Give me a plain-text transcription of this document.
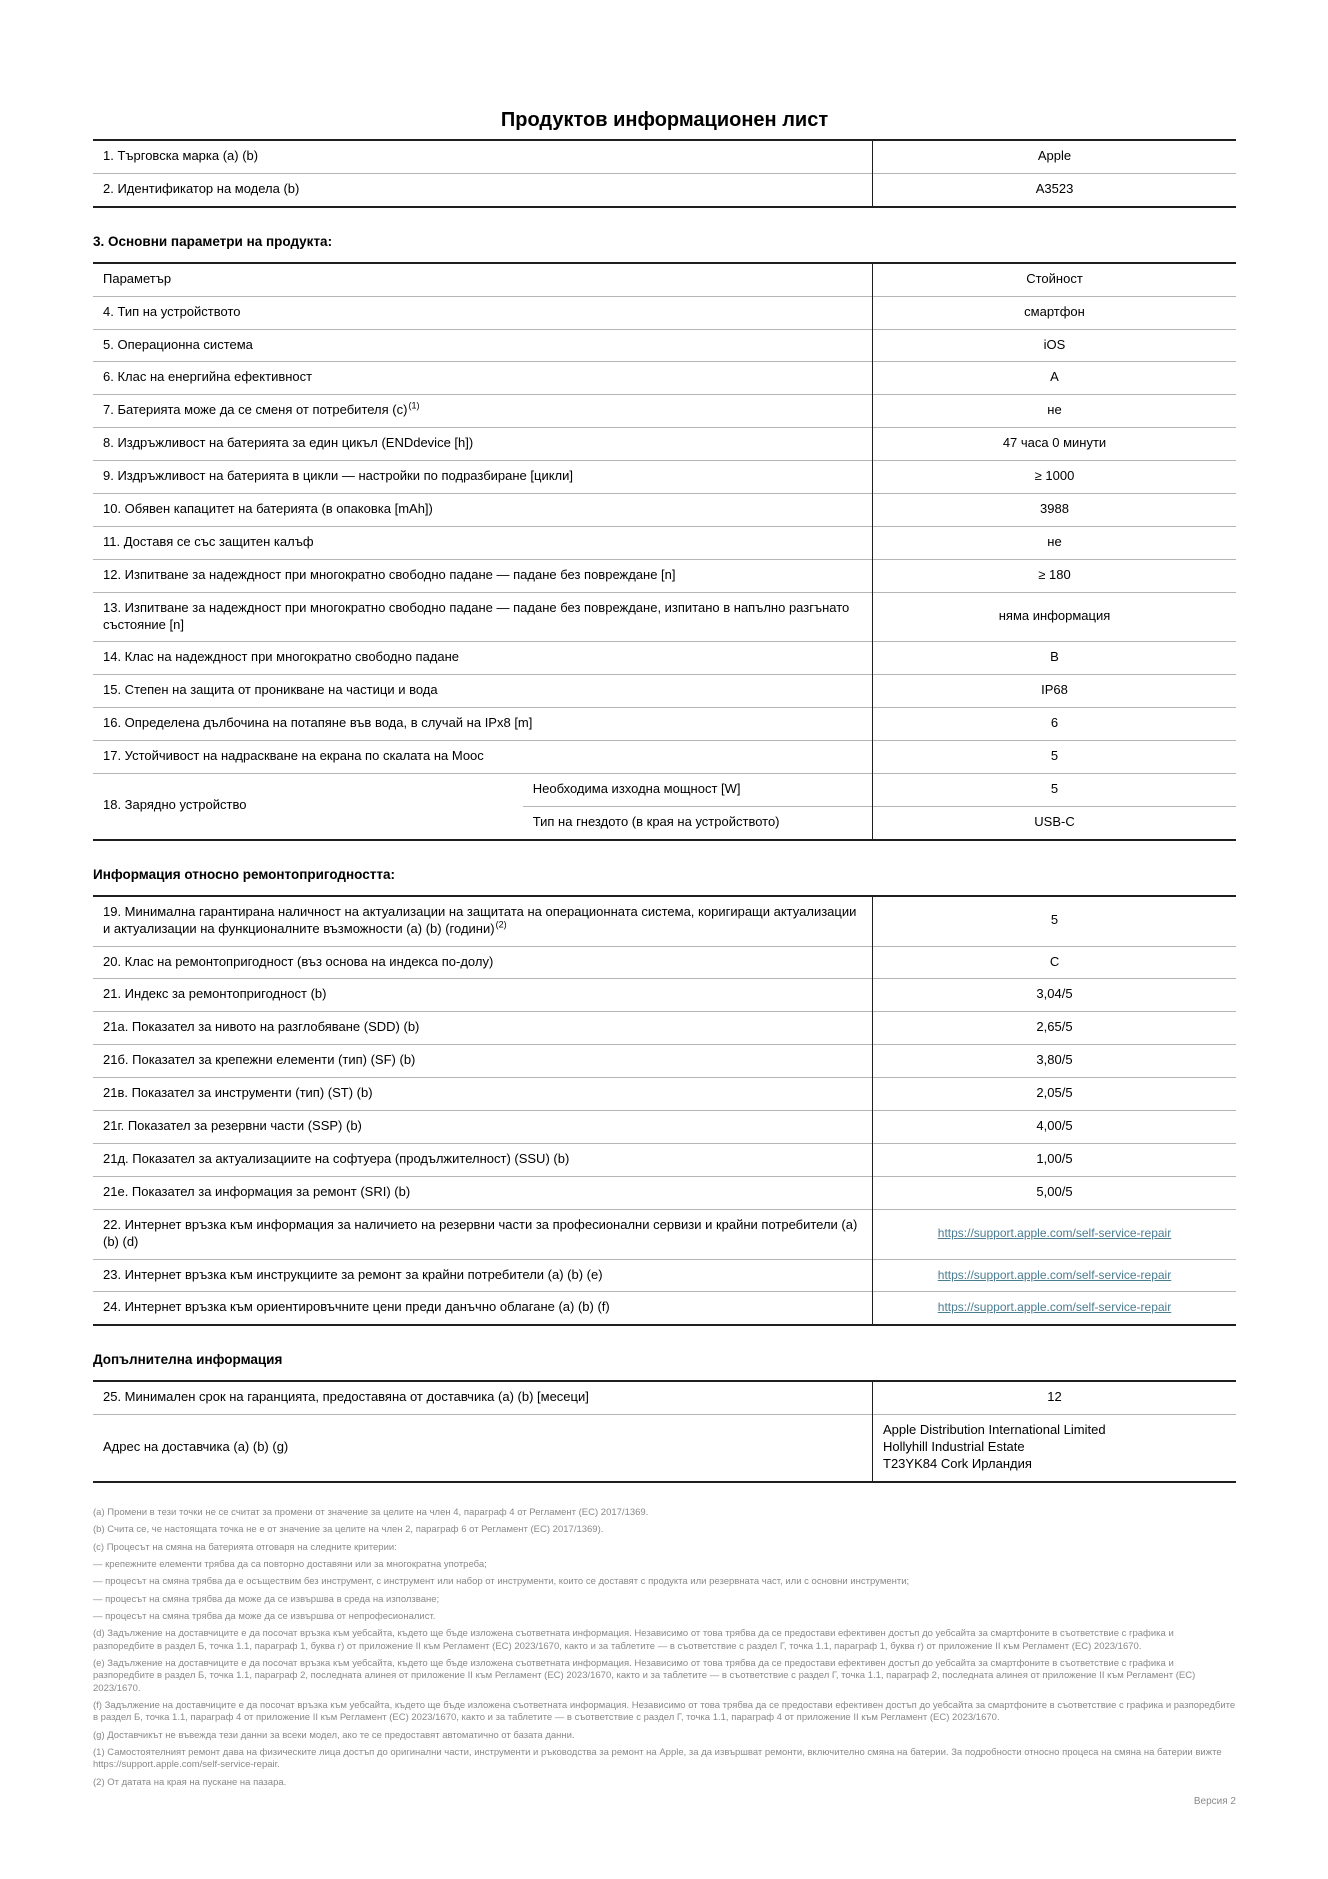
Продуктов информационен лист
1. Търговска марка (a) (b)	Apple
2. Идентификатор на модела (b)	A3523
3. Основни параметри на продукта:
Параметър		Стойност
4. Тип на устройството		смартфон
5. Операционна система		iOS
6. Клас на енергийна ефективност		A
7. Батерията може да се сменя от потребителя (c) $^{(1)}$		не
8. Издръжливост на батерията за един цикъл (ENDdevice [h])		47 часа 0 минути
9. Издръжливост на батерията в цикли — настройки по подразбиране [цикли]		≥ 1000
10. Обявен капацитет на батерията (в опаковка [mAh])		3988
11. Доставя се със защитен калъф		не
12. Изпитване за надеждност при многократно свободно падане — падане без повреждане [n]		≥ 180
13. Изпитване за надеждност при многократно свободно падане — падане без повреждане, изпитано в напълно разгънато състояние [n]		няма информация
14. Клас на надеждност при многократно свободно падане		B
15. Степен на защита от проникване на частици и вода		IP68
16. Определена дълбочина на потапяне във вода, в случай на IPx8 [m]		6
17. Устойчивост на надраскване на екрана по скалата на Моос		5
18. Зарядно устройство	Необходима изходна мощност [W]	5
	Тип на гнездото (в края на устройството)	USB-C
Информация относно ремонтопригодността:
19. Минимална гарантирана наличност на актуализации на защитата на операционната система, коригиращи актуализации и актуализации на функционалните възможности (a) (b) (години) $^{(2)}$	5
20. Клас на ремонтопригодност (въз основа на индекса по-долу)	C
21. Индекс за ремонтопригодност (b)	3,04/5
21а. Показател за нивото на разглобяване (SDD) (b)	2,65/5
21б. Показател за крепежни елементи (тип) (SF) (b)	3,80/5
21в. Показател за инструменти (тип) (ST) (b)	2,05/5
21г. Показател за резервни части (SSP) (b)	4,00/5
21д. Показател за актуализациите на софтуера (продължителност) (SSU) (b)	1,00/5
21е. Показател за информация за ремонт (SRI) (b)	5,00/5
22. Интернет връзка към информация за наличието на резервни части за професионални сервизи и крайни потребители (a) (b) (d)	https://support.apple.com/self-service-repair
23. Интернет връзка към инструкциите за ремонт за крайни потребители (a) (b) (e)	https://support.apple.com/self-service-repair
24. Интернет връзка към ориентировъчните цени преди данъчно облагане (a) (b) (f)	https://support.apple.com/self-service-repair
Допълнителна информация
25. Минимален срок на гаранцията, предоставяна от доставчика (a) (b) [месеци]	12
Адрес на доставчика (a) (b) (g)	Apple Distribution International Limited
Hollyhill Industrial Estate
T23YK84 Cork Ирландия

(a) Промени в тези точки не се считат за промени от значение за целите на член 4, параграф 4 от Регламент (ЕС) 2017/1369.

(b) Счита се, че настоящата точка не е от значение за целите на член 2, параграф 6 от Регламент (ЕС) 2017/1369).

(c) Процесът на смяна на батерията отговаря на следните критерии:

— крепежните елементи трябва да са повторно доставяни или за многократна употреба;

— процесът на смяна трябва да е осъществим без инструмент, с инструмент или набор от инструменти, които се доставят с продукта или резервната част, или с основни инструменти;

— процесът на смяна трябва да може да се извършва в среда на използване;

— процесът на смяна трябва да може да се извършва от непрофесионалист.

(d) Задължение на доставчиците е да посочат връзка към уебсайта, където ще бъде изложена съответната информация. Независимо от това трябва да се предостави ефективен достъп до уебсайта за смартфоните в съответствие с графика и разпоредбите в раздел Б, точка 1.1, параграф 1, буква г) от приложение II към Регламент (ЕС) 2023/1670, както и за таблетите — в съответствие с раздел Г, точка 1.1, параграф 1, буква г) от приложение II към Регламент (ЕС) 2023/1670.

(e) Задължение на доставчиците е да посочат връзка към уебсайта, където ще бъде изложена съответната информация. Независимо от това трябва да се предостави ефективен достъп до уебсайта за смартфоните в съответствие с графика и разпоредбите в раздел Б, точка 1.1, параграф 2, последната алинея от приложение II към Регламент (ЕС) 2023/1670, както и за таблетите — в съответствие с раздел Г, точка 1.1, параграф 2, последната алинея от приложение II към Регламент (ЕС) 2023/1670.

(f) Задължение на доставчиците е да посочат връзка към уебсайта, където ще бъде изложена съответната информация. Независимо от това трябва да се предостави ефективен достъп до уебсайта за смартфоните в съответствие с графика и разпоредбите в раздел Б, точка 1.1, параграф 4 от приложение II към Регламент (ЕС) 2023/1670, както и за таблетите — в съответствие с раздел Г, точка 1.1, параграф 4 от приложение II към Регламент (ЕС) 2023/1670.

(g) Доставчикът не въвежда тези данни за всеки модел, ако те се предоставят автоматично от базата данни.

(1) Самостоятелният ремонт дава на физическите лица достъп до оригинални части, инструменти и ръководства за ремонт на Apple, за да извършват ремонти, включително смяна на батерии. За подробности относно процеса на смяна на батерии вижте https://support.apple.com/self-service-repair.

(2) От датата на края на пускане на пазара.

Версия 2
